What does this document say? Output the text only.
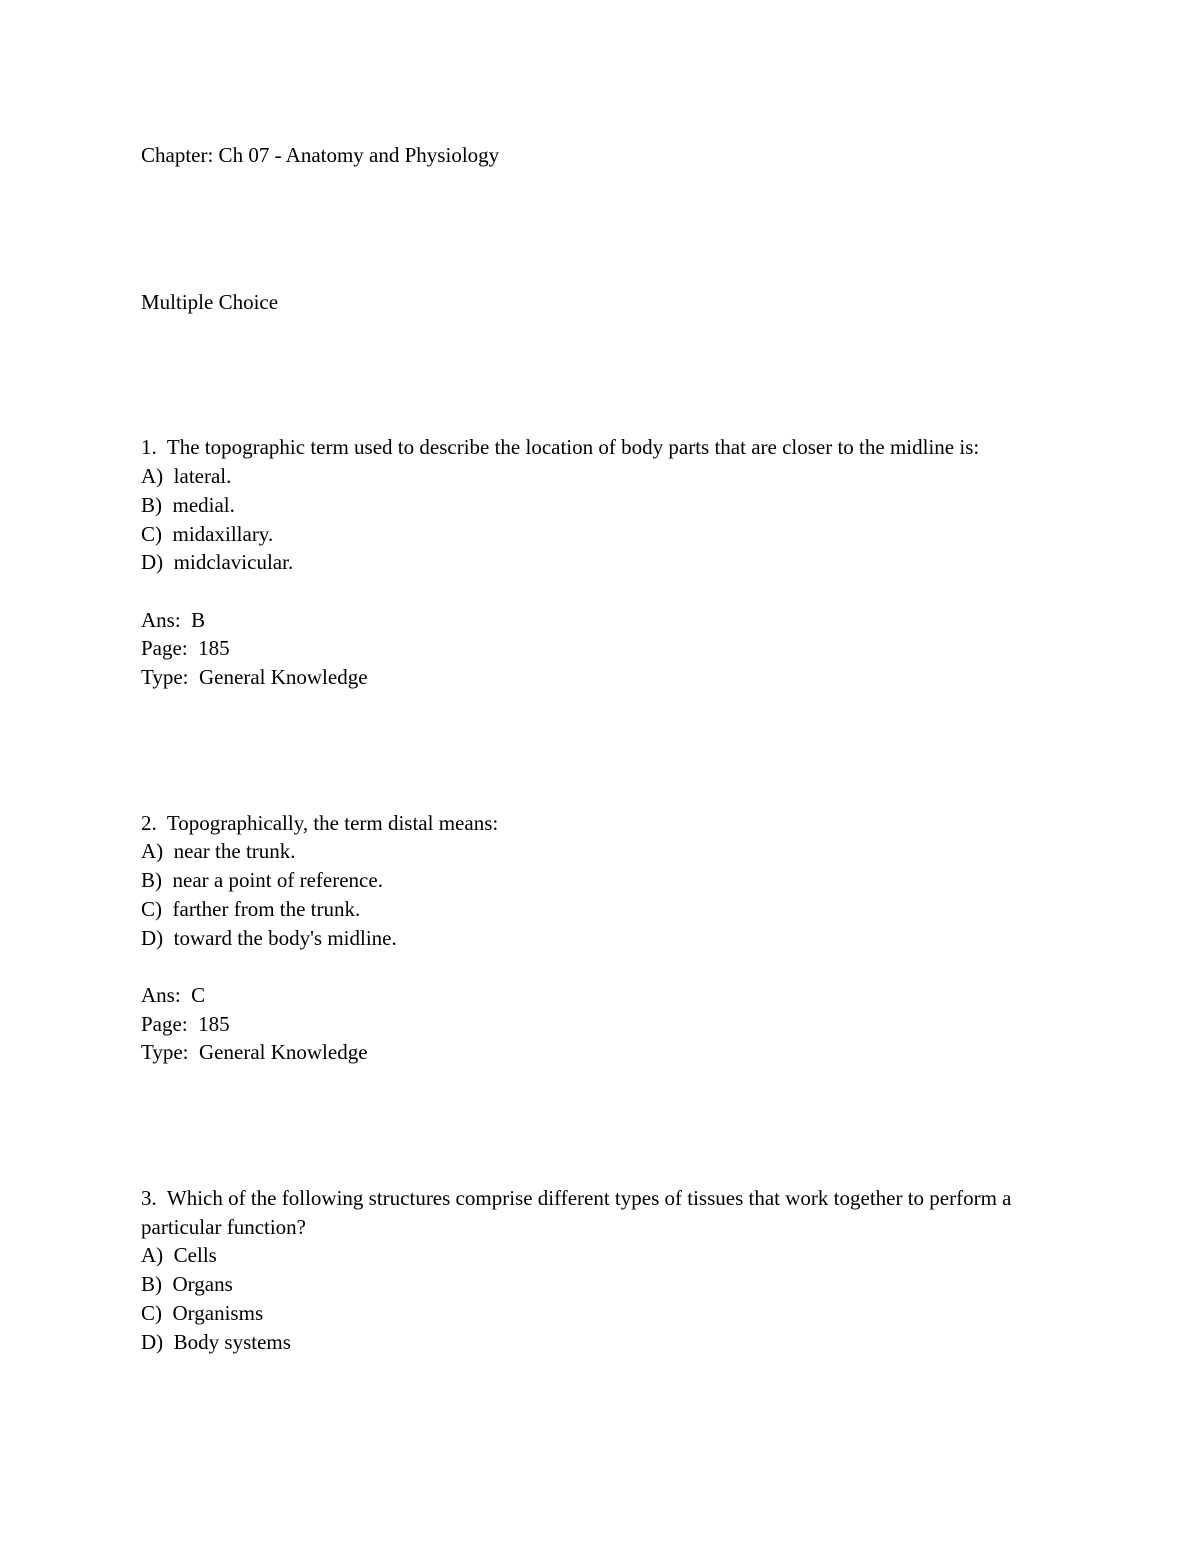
Chapter: Ch 07 - Anatomy and Physiology

Multiple Choice

1.  The topographic term used to describe the location of body parts that are closer to the midline is:

A)  lateral.
B)  medial.
C)  midaxillary.
D)  midclavicular.

Ans:  B

Page:  185

Type:  General Knowledge

2.  Topographically, the term distal means:

A)  near the trunk.
B)  near a point of reference.
C)  farther from the trunk.
D)  toward the body's midline.

Ans:  C

Page:  185

Type:  General Knowledge

3.  Which of the following structures comprise different types of tissues that work together to perform a particular function?

A)  Cells
B)  Organs
C)  Organisms
D)  Body systems
